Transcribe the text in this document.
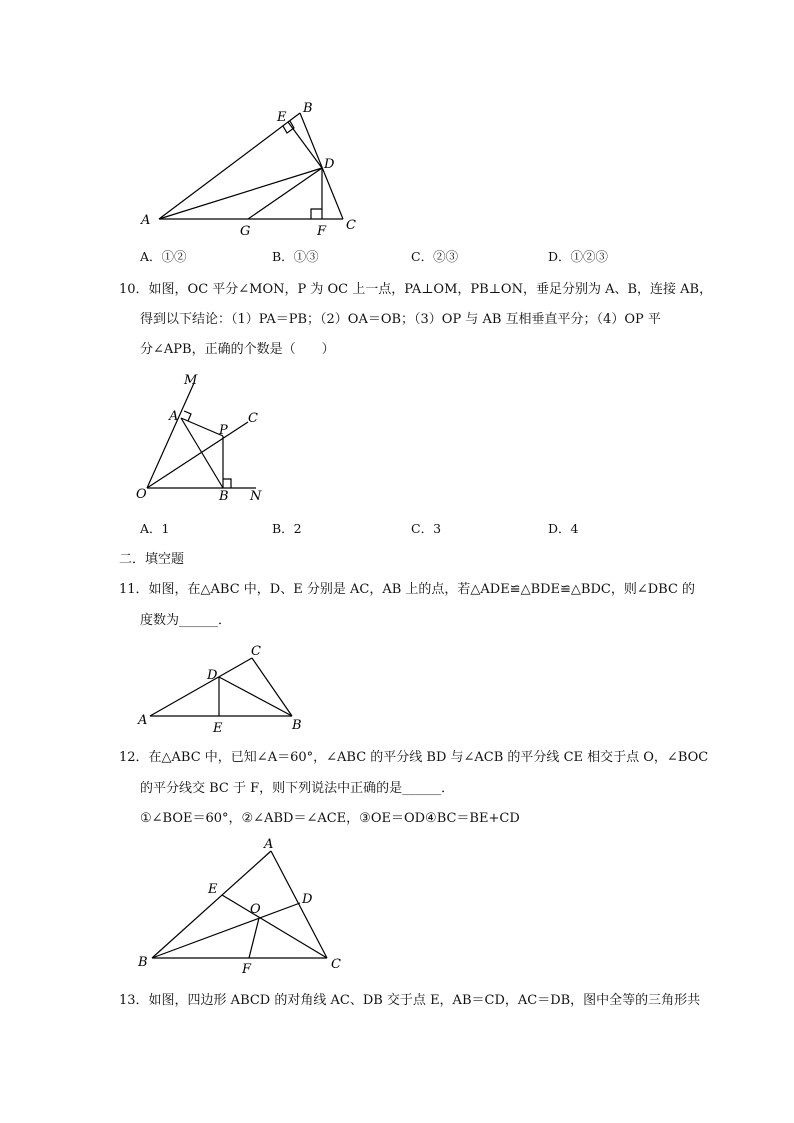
E
B
D
A
G	F C
A．①②	B．①③	C．②③	D．①②③
10．如图，OC 平分∠MON，P 为 OC 上一点，PA⊥OM，PB⊥ON，垂足分别为 A、B，连接 AB，
得到以下结论：（1）PA＝PB；（2）OA＝OB；（3）OP 与 AB 互相垂直平分；（4）OP 平
分∠APB，正确的个数是（　　）
M
A
P
C
O	B N
A．1	B．2	C．3	D．4
二．填空题
11．如图，在△ABC 中，D、E 分别是 AC，AB 上的点，若△ADE≌△BDE≌△BDC，则∠DBC 的
度数为______．
C
D
A
E	B
12．在△ABC 中，已知∠A＝60°，∠ABC 的平分线 BD 与∠ACB 的平分线 CE 相交于点 O，∠BOC
的平分线交 BC 于 F，则下列说法中正确的是______．
①∠BOE＝60°，②∠ABD＝∠ACE，③OE＝OD④BC＝BE+CD
A
E
D
O
B	F	C
13．如图，四边形 ABCD 的对角线 AC、DB 交于点 E，AB＝CD，AC＝DB，图中全等的三角形共
